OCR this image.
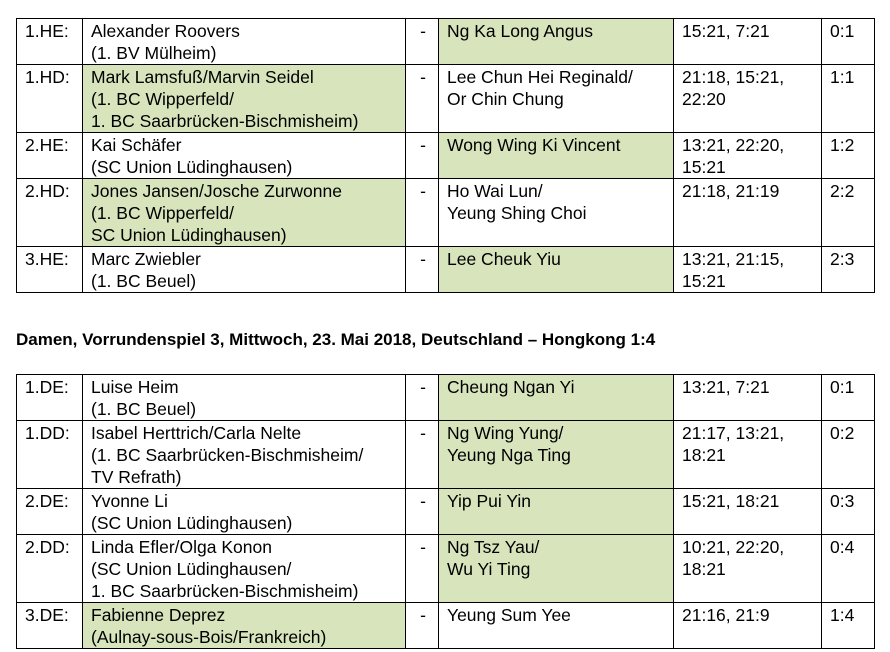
1.HE:	Alexander Roovers
(1. BV Mülheim)	-	Ng Ka Long Angus	15:21, 7:21	0:1
1.HD:	Mark Lamsfuß/Marvin Seidel
(1. BC Wipperfeld/
1. BC Saarbrücken-Bischmisheim)	-	Lee Chun Hei Reginald/
Or Chin Chung	21:18, 15:21,
22:20	1:1
2.HE:	Kai Schäfer
(SC Union Lüdinghausen)	-	Wong Wing Ki Vincent	13:21, 22:20,
15:21	1:2
2.HD:	Jones Jansen/Josche Zurwonne
(1. BC Wipperfeld/
SC Union Lüdinghausen)	-	Ho Wai Lun/
Yeung Shing Choi	21:18, 21:19	2:2
3.HE:	Marc Zwiebler
(1. BC Beuel)	-	Lee Cheuk Yiu	13:21, 21:15,
15:21	2:3
Damen, Vorrundenspiel 3, Mittwoch, 23. Mai 2018, Deutschland – Hongkong 1:4
1.DE:	Luise Heim
(1. BC Beuel)	-	Cheung Ngan Yi	13:21, 7:21	0:1
1.DD:	Isabel Herttrich/Carla Nelte
(1. BC Saarbrücken-Bischmisheim/
TV Refrath)	-	Ng Wing Yung/
Yeung Nga Ting	21:17, 13:21,
18:21	0:2
2.DE:	Yvonne Li
(SC Union Lüdinghausen)	-	Yip Pui Yin	15:21, 18:21	0:3
2.DD:	Linda Efler/Olga Konon
(SC Union Lüdinghausen/
1. BC Saarbrücken-Bischmisheim)	-	Ng Tsz Yau/
Wu Yi Ting	10:21, 22:20,
18:21	0:4
3.DE:	Fabienne Deprez
(Aulnay-sous-Bois/Frankreich)	-	Yeung Sum Yee	21:16, 21:9	1:4
